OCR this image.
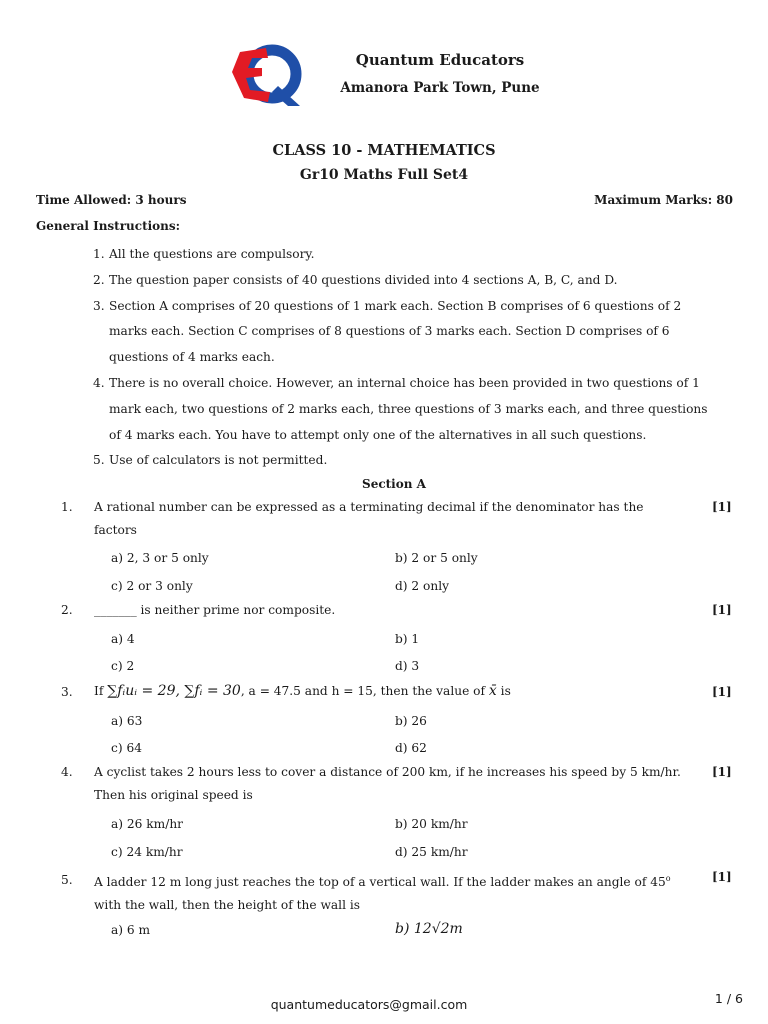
Quantum Educators
Amanora Park Town, Pune
CLASS 10 - MATHEMATICS
Gr10 Maths Full Set4
Time Allowed: 3 hours	Maximum Marks: 80
General Instructions:
1. All the questions are compulsory.
2. The question paper consists of 40 questions divided into 4 sections A, B, C, and D.
3. Section A comprises of 20 questions of 1 mark each. Section B comprises of 6 questions of 2
marks each. Section C comprises of 8 questions of 3 marks each. Section D comprises of 6
questions of 4 marks each.
4. There is no overall choice. However, an internal choice has been provided in two questions of 1
mark each, two questions of 2 marks each, three questions of 3 marks each, and three questions
of 4 marks each. You have to attempt only one of the alternatives in all such questions.
5. Use of calculators is not permitted.
Section A
1. A rational number can be expressed as a terminating decimal if the denominator has the
factors
[1]
a) 2, 3 or 5 only	b) 2 or 5 only
c) 2 or 3 only	d) 2 only
2. _______ is neither prime nor composite.	[1]
a) 4	b) 1
c) 2	d) 3
3. If ∑fᵢuᵢ = 29, ∑fᵢ = 30, a = 47.5 and h = 15, then the value of x̄ is	[1]
a) 63	b) 26
c) 64	d) 62
4. A cyclist takes 2 hours less to cover a distance of 200 km, if he increases his speed by 5 km/hr.
Then his original speed is
[1]
a) 26 km/hr	b) 20 km/hr
c) 24 km/hr	d) 25 km/hr
5. A ladder 12 m long just reaches the top of a vertical wall. If the ladder makes an angle of 45$^o$
with the wall, then the height of the wall is
[1]
a) 6 m	b) 12√2m
quantumeducators@gmail.com	1 / 6
